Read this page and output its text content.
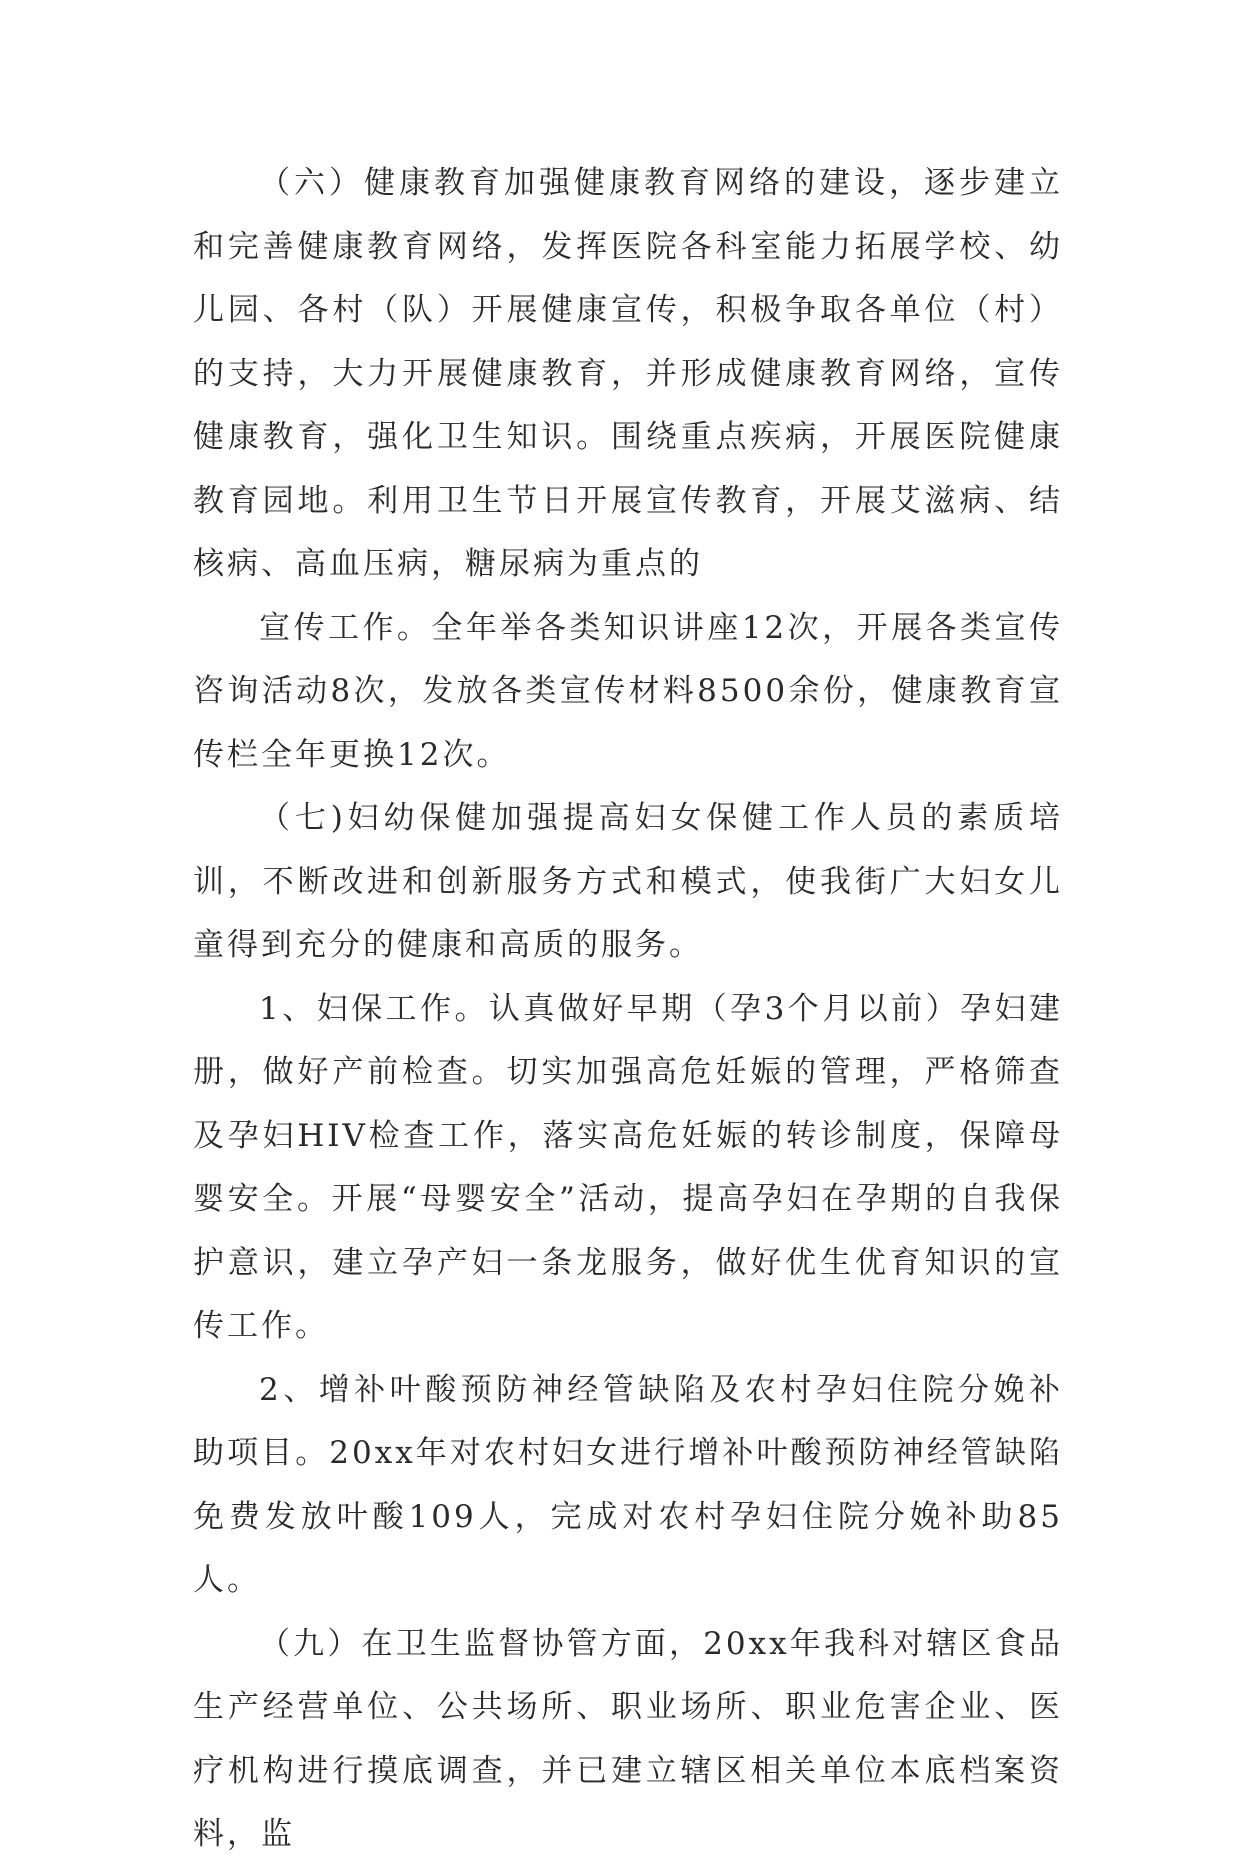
（六）健康教育加强健康教育网络的建设，逐步建立和完善健康教育网络，发挥医院各科室能力拓展学校、幼儿园、各村（队）开展健康宣传，积极争取各单位（村）的支持，大力开展健康教育，并形成健康教育网络，宣传健康教育，强化卫生知识。围绕重点疾病，开展医院健康教育园地。利用卫生节日开展宣传教育，开展艾滋病、结核病、高血压病，糖尿病为重点的

宣传工作。全年举各类知识讲座12次，开展各类宣传咨询活动8次，发放各类宣传材料8500余份，健康教育宣传栏全年更换12次。

（七)妇幼保健加强提高妇女保健工作人员的素质培训，不断改进和创新服务方式和模式，使我街广大妇女儿童得到充分的健康和高质的服务。

1、妇保工作。认真做好早期（孕3个月以前）孕妇建册，做好产前检查。切实加强高危妊娠的管理，严格筛查及孕妇HIV检查工作，落实高危妊娠的转诊制度，保障母婴安全。开展“母婴安全”活动，提高孕妇在孕期的自我保护意识，建立孕产妇一条龙服务，做好优生优育知识的宣传工作。

2、增补叶酸预防神经管缺陷及农村孕妇住院分娩补助项目。20xx年对农村妇女进行增补叶酸预防神经管缺陷免费发放叶酸109人，完成对农村孕妇住院分娩补助85人。

（九）在卫生监督协管方面，20xx年我科对辖区食品生产经营单位、公共场所、职业场所、职业危害企业、医疗机构进行摸底调查，并已建立辖区相关单位本底档案资料，监
